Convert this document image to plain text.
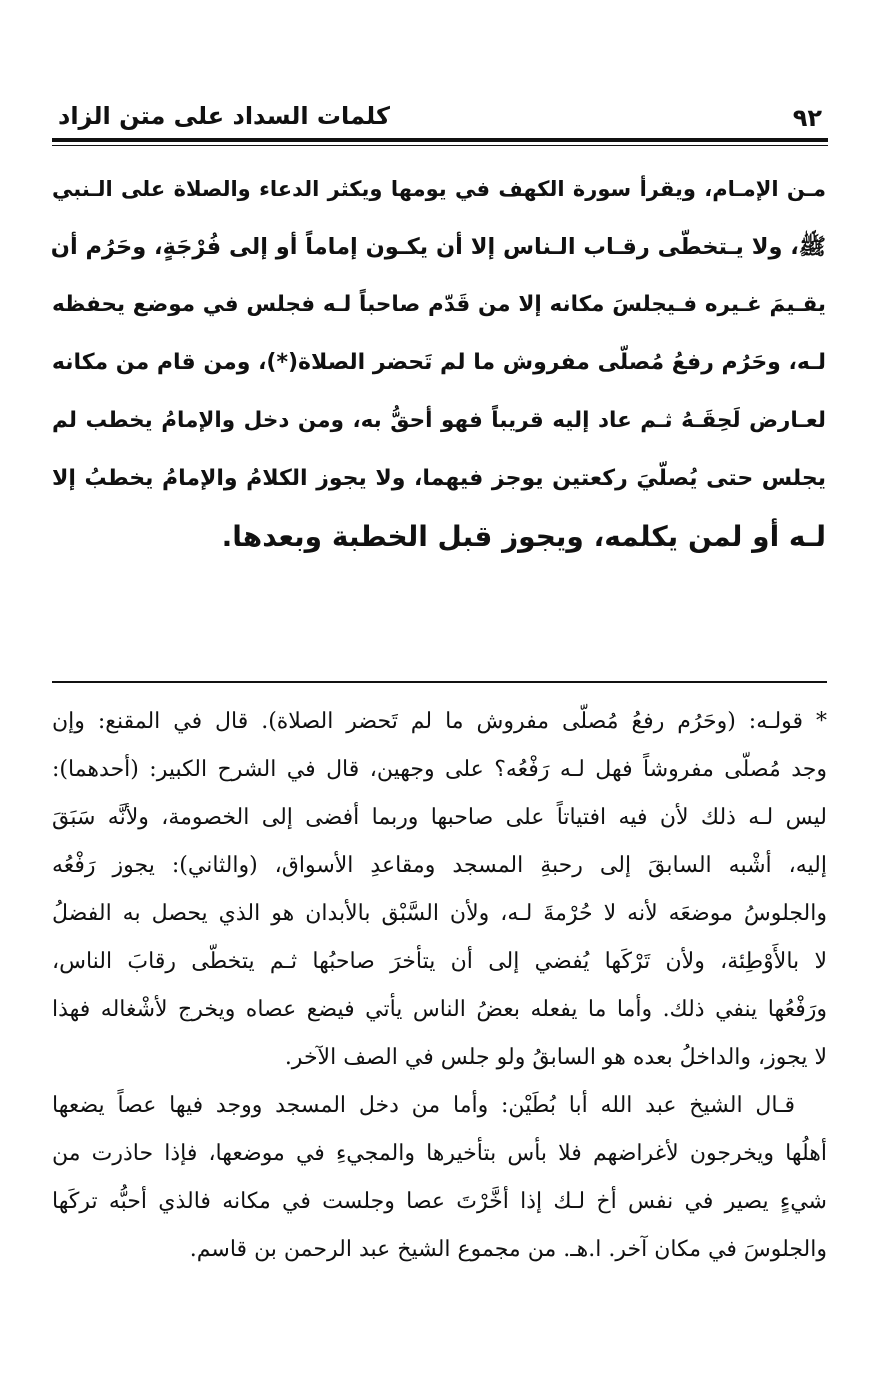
٩٢
كلمات السداد على متن الزاد
مـن الإمـام، ويقرأ سورة الكهف في يومها ويكثر الدعاء والصلاة على الـنبي
ﷺ، ولا يـتخطّى رقـاب الـناس إلا أن يكـون إماماً أو إلى فُرْجَةٍ، وحَرُم أن
يقـيمَ غـيره فـيجلسَ مكانه إلا من قَدّم صاحباً لـه فجلس في موضع يحفظه
لـه، وحَرُم رفعُ مُصلّى مفروش ما لم تَحضر الصلاة(*)، ومن قام من مكانه
لعـارض لَحِقَـهُ ثـم عاد إليه قريباً فهو أحقُّ به، ومن دخل والإمامُ يخطب لم
يجلس حتى يُصلّيَ ركعتين يوجز فيهما، ولا يجوز الكلامُ والإمامُ يخطبُ إلا
لـه أو لمن يكلمه، ويجوز قبل الخطبة وبعدها.
* قولـه: (وحَرُم رفعُ مُصلّى مفروش ما لم تَحضر الصلاة). قال في المقنع: وإن
وجد مُصلّى مفروشاً فهل لـه رَفْعُه؟ على وجهين، قال في الشرح الكبير: (أحدهما):
ليس لـه ذلك لأن فيه افتياتاً على صاحبها وربما أفضى إلى الخصومة، ولأنَّه سَبَقَ
إليه، أشْبه السابقَ إلى رحبةِ المسجد ومقاعدِ الأسواق، (والثاني): يجوز رَفْعُه
والجلوسُ موضعَه لأنه لا حُرْمةَ لـه، ولأن السَّبْق بالأبدان هو الذي يحصل به الفضلُ
لا بالأَوْطِئة، ولأن تَرْكَها يُفضي إلى أن يتأخرَ صاحبُها ثـم يتخطّى رقابَ الناس،
ورَفْعُها ينفي ذلك. وأما ما يفعله بعضُ الناس يأتي فيضع عصاه ويخرج لأشْغاله فهذا
لا يجوز، والداخلُ بعده هو السابقُ ولو جلس في الصف الآخر.
قـال الشيخ عبد الله أبا بُطَيْن: وأما من دخل المسجد ووجد فيها عصاً يضعها
أهلُها ويخرجون لأغراضهم فلا بأس بتأخيرها والمجيءِ في موضعها، فإذا حاذرت من
شيءٍ يصير في نفس أخ لـك إذا أخَّرْتَ عصا وجلست في مكانه فالذي أحبُّه تركَها
والجلوسَ في مكان آخر. ا.هـ. من مجموع الشيخ عبد الرحمن بن قاسم.
